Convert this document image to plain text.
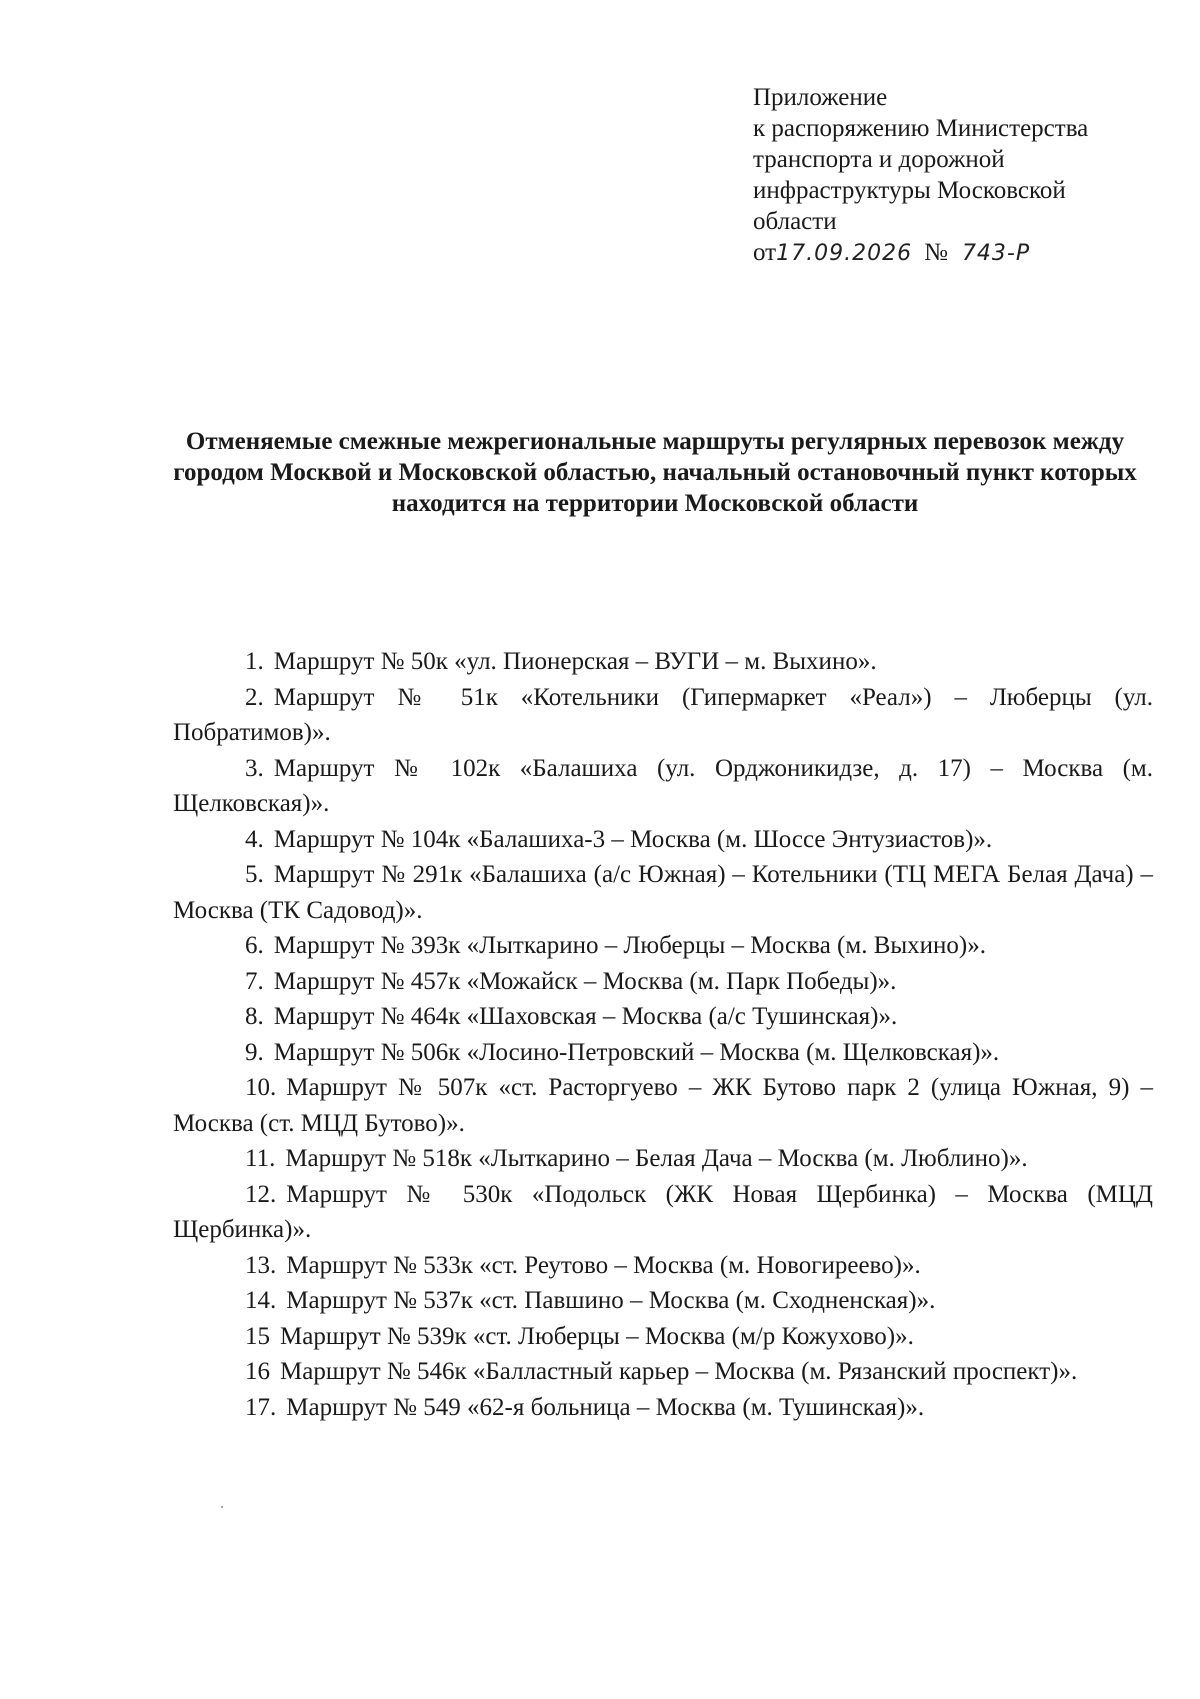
Приложение
к распоряжению Министерства
транспорта и дорожной
инфраструктуры Московской
области
от 17.09.2026 № 743-Р
Отменяемые смежные межрегиональные маршруты регулярных перевозок между городом Москвой и Московской областью, начальный остановочный пункт которых находится на территории Московской области

1. Маршрут № 50к «ул. Пионерская – ВУГИ – м. Выхино».

2. Маршрут № 51к «Котельники (Гипермаркет «Реал») – Люберцы (ул. Побратимов)».

3. Маршрут № 102к «Балашиха (ул. Орджоникидзе, д. 17) – Москва (м. Щелковская)».

4. Маршрут № 104к «Балашиха-3 – Москва (м. Шоссе Энтузиастов)».

5. Маршрут № 291к «Балашиха (а/с Южная) – Котельники (ТЦ МЕГА Белая Дача) – Москва (ТК Садовод)».

6. Маршрут № 393к «Лыткарино – Люберцы – Москва (м. Выхино)».

7. Маршрут № 457к «Можайск – Москва (м. Парк Победы)».

8. Маршрут № 464к «Шаховская – Москва (а/с Тушинская)».

9. Маршрут № 506к «Лосино-Петровский – Москва (м. Щелковская)».

10. Маршрут № 507к «ст. Расторгуево – ЖК Бутово парк 2 (улица Южная, 9) – Москва (ст. МЦД Бутово)».

11. Маршрут № 518к «Лыткарино – Белая Дача – Москва (м. Люблино)».

12. Маршрут № 530к «Подольск (ЖК Новая Щербинка) – Москва (МЦД Щербинка)».

13. Маршрут № 533к «ст. Реутово – Москва (м. Новогиреево)».

14. Маршрут № 537к «ст. Павшино – Москва (м. Сходненская)».

15 Маршрут № 539к «ст. Люберцы – Москва (м/р Кожухово)».

16 Маршрут № 546к «Балластный карьер – Москва (м. Рязанский проспект)».

17. Маршрут № 549 «62-я больница – Москва (м. Тушинская)».
